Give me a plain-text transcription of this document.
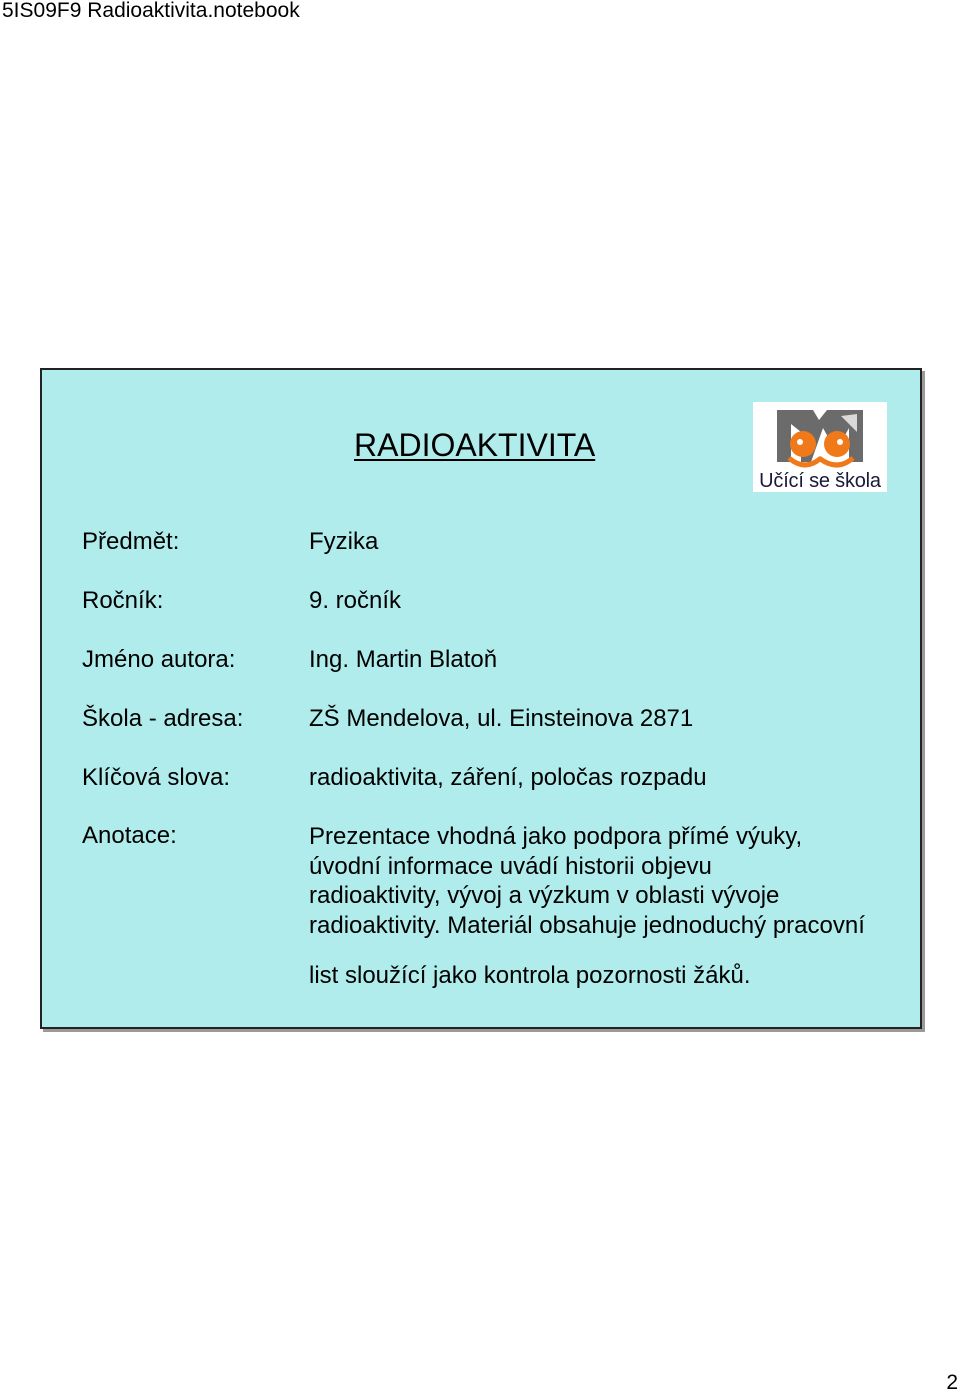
5IS09F9 Radioaktivita.notebook
RADIOAKTIVITA
Učící se škola
Předmět:	Fyzika
Ročník:	9. ročník
Jméno autora:	Ing. Martin Blatoň
Škola - adresa:	ZŠ Mendelova, ul. Einsteinova 2871
Klíčová slova:	radioaktivita, záření, poločas rozpadu
Anotace:	Prezentace vhodná jako podpora přímé výuky,
úvodní informace uvádí historii objevu
radioaktivity, vývoj a výzkum v oblasti vývoje
radioaktivity. Materiál obsahuje jednoduchý pracovní
list sloužící jako kontrola pozornosti žáků.
2
